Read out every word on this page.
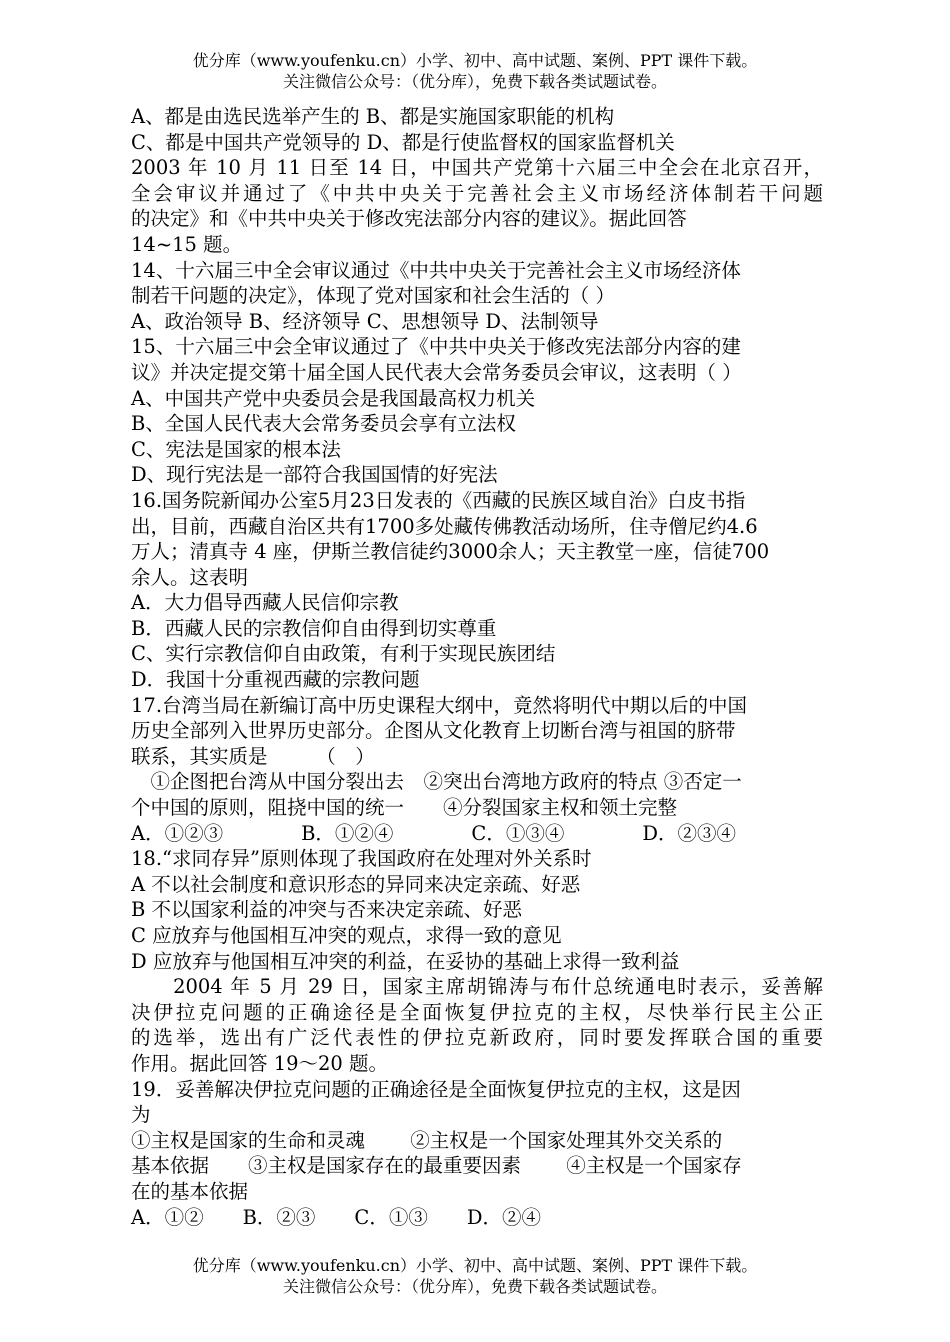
优分库（www.youfenku.cn）小学、初中、高中试题、案例、PPT 课件下载。
关注微信公众号：（优分库），免费下载各类试题试卷。
A、都是由选民选举产生的 B、都是实施国家职能的机构
C、都是中国共产党领导的 D、都是行使监督权的国家监督机关
2003 年 10 月 11 日至 14 日，中国共产党第十六届三中全会在北京召开，
全会审议并通过了《中共中央关于完善社会主义市场经济体制若干问题
的决定》和《中共中央关于修改宪法部分内容的建议》。据此回答
14~15 题。
14、十六届三中全会审议通过《中共中央关于完善社会主义市场经济体
制若干问题的决定》，体现了党对国家和社会生活的（ ）
A、政治领导 B、经济领导 C、思想领导 D、法制领导
15、十六届三中会全审议通过了《中共中央关于修改宪法部分内容的建
议》并决定提交第十届全国人民代表大会常务委员会审议，这表明（ ）
A、中国共产党中央委员会是我国最高权力机关
B、全国人民代表大会常务委员会享有立法权
C、宪法是国家的根本法
D、现行宪法是一部符合我国国情的好宪法
16.国务院新闻办公室5月23日发表的《西藏的民族区域自治》白皮书指
出，目前，西藏自治区共有1700多处藏传佛教活动场所，住寺僧尼约4.6
万人；清真寺 4 座，伊斯兰教信徒约3000余人；天主教堂一座，信徒700
余人。这表明
A．大力倡导西藏人民信仰宗教
B．西藏人民的宗教信仰自由得到切实尊重
C、实行宗教信仰自由政策，有利于实现民族团结
D．我国十分重视西藏的宗教问题
17.台湾当局在新编订高中历史课程大纲中，竟然将明代中期以后的中国
历史全部列入世界历史部分。企图从文化教育上切断台湾与祖国的脐带
联系，其实质是　　　（　）
　①企图把台湾从中国分裂出去　②突出台湾地方政府的特点 ③否定一
个中国的原则，阻挠中国的统一　　④分裂国家主权和领土完整
A．①②③　　　　B．①②④　　　　C．①③④　　　　D．②③④
18.“求同存异”原则体现了我国政府在处理对外关系时
A 不以社会制度和意识形态的异同来决定亲疏、好恶
B 不以国家利益的冲突与否来决定亲疏、好恶
C 应放弃与他国相互冲突的观点，求得一致的意见
D 应放弃与他国相互冲突的利益，在妥协的基础上求得一致利益
　　2004 年 5 月 29 日，国家主席胡锦涛与布什总统通电时表示，妥善解
决伊拉克问题的正确途径是全面恢复伊拉克的主权，尽快举行民主公正
的选举，选出有广泛代表性的伊拉克新政府，同时要发挥联合国的重要
作用。据此回答 19～20 题。
19．妥善解决伊拉克问题的正确途径是全面恢复伊拉克的主权，这是因
为
①主权是国家的生命和灵魂　　 ②主权是一个国家处理其外交关系的
基本依据　　③主权是国家存在的最重要因素　　 ④主权是一个国家存
在的基本依据
A．①②　　B．②③　　C．①③　　D．②④
优分库（www.youfenku.cn）小学、初中、高中试题、案例、PPT 课件下载。
关注微信公众号：（优分库），免费下载各类试题试卷。
